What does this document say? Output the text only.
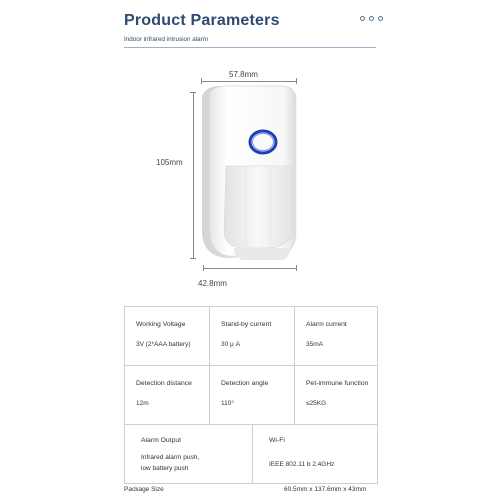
Product Parameters
Indoor infrared intrusion alarm
57.8mm
105mm
42.8mm
Working Voltage
3V (2*AAA battery)
Stand-by current
30 μ A
Alarm current
35mA
Detection distance
12m
Detection angle
110°
Pet-immune function
≤25KG
Alarm Output
Infrared alarm push,
low battery push
Wi-Fi
IEEE 802.11 b 2.4GHz
Package Size	60.5mm x 137.6mm x 43mm
